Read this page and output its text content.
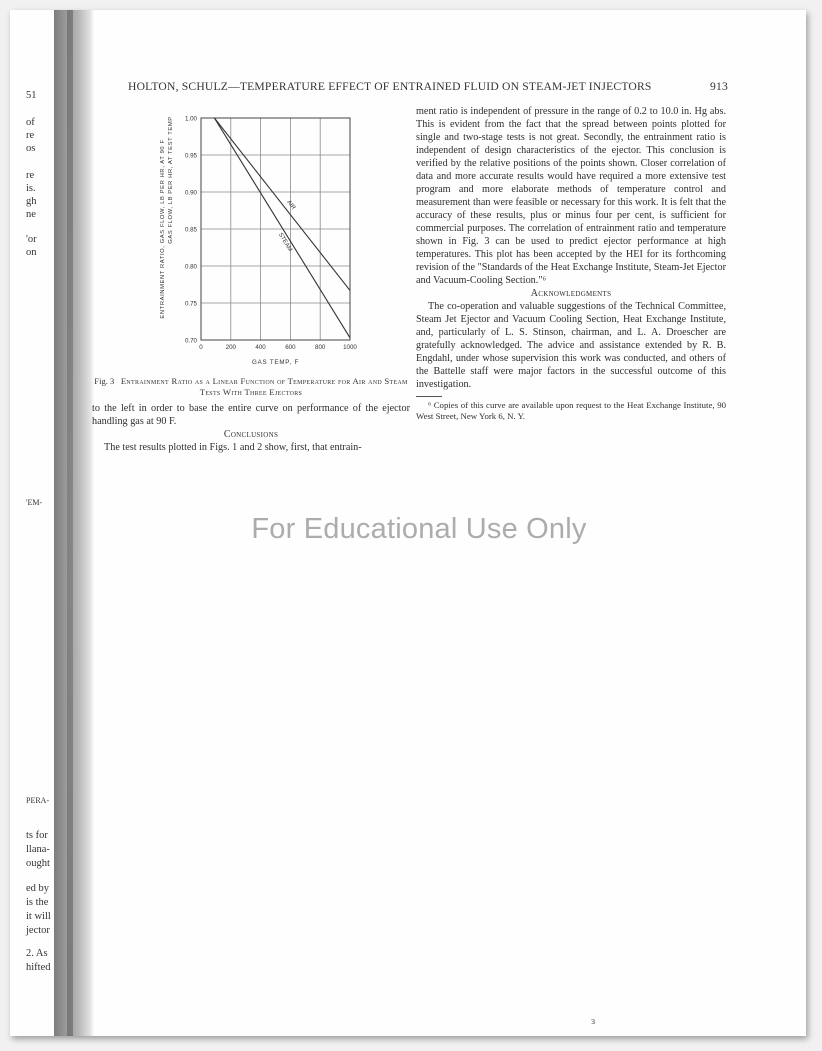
51
of
re
os
re
is.
gh
ne
'or
on
'EM-
PERA-
ts for
llana-
ought
ed by
is the
it will
jector
2. As
hifted
HOLTON, SCHULZ—TEMPERATURE EFFECT OF ENTRAINED FLUID ON STEAM-JET INJECTORS	913
0.70
0.75
0.80
0.85
0.90
0.95
1.00
0	200	400	600	800	1000
GAS TEMP, F
ENTRAINMENT RATIO, GAS FLOW, LB PER HR, AT 90 F GAS FLOW, LB PER HR, AT TEST TEMP	AIR
STEAM
Fig. 3 Entrainment Ratio as a Linear Function of Temperature for Air and Steam Tests With Three Ejectors

to the left in order to base the entire curve on performance of the ejector handling gas at 90 F.

Conclusions

The test results plotted in Figs. 1 and 2 show, first, that entrain-

ment ratio is independent of pressure in the range of 0.2 to 10.0 in. Hg abs. This is evident from the fact that the spread between points plotted for single and two-stage tests is not great. Secondly, the entrainment ratio is independent of design characteristics of the ejector. This conclusion is verified by the relative positions of the points shown. Closer correlation of data and more accurate results would have required a more extensive test program and more elaborate methods of temperature control and measurement than were feasible or necessary for this work. It is felt that the accuracy of these results, plus or minus four per cent, is sufficient for commercial purposes. The correlation of entrainment ratio and temperature shown in Fig. 3 can be used to predict ejector performance at high temperatures. This plot has been accepted by the HEI for its forthcoming revision of the "Standards of the Heat Exchange Institute, Steam-Jet Ejector and Vacuum-Cooling Section."⁶

Acknowledgments

The co-operation and valuable suggestions of the Technical Committee, Steam Jet Ejector and Vacuum Cooling Section, Heat Exchange Institute, and, particularly of L. S. Stinson, chairman, and L. A. Droescher are gratefully acknowledged. The advice and assistance extended by R. B. Engdahl, under whose supervision this work was conducted, and others of the Battelle staff were major factors in the successful outcome of this investigation.

⁶ Copies of this curve are available upon request to the Heat Exchange Institute, 90 West Street, New York 6, N. Y.

For Educational Use Only
ɜ
